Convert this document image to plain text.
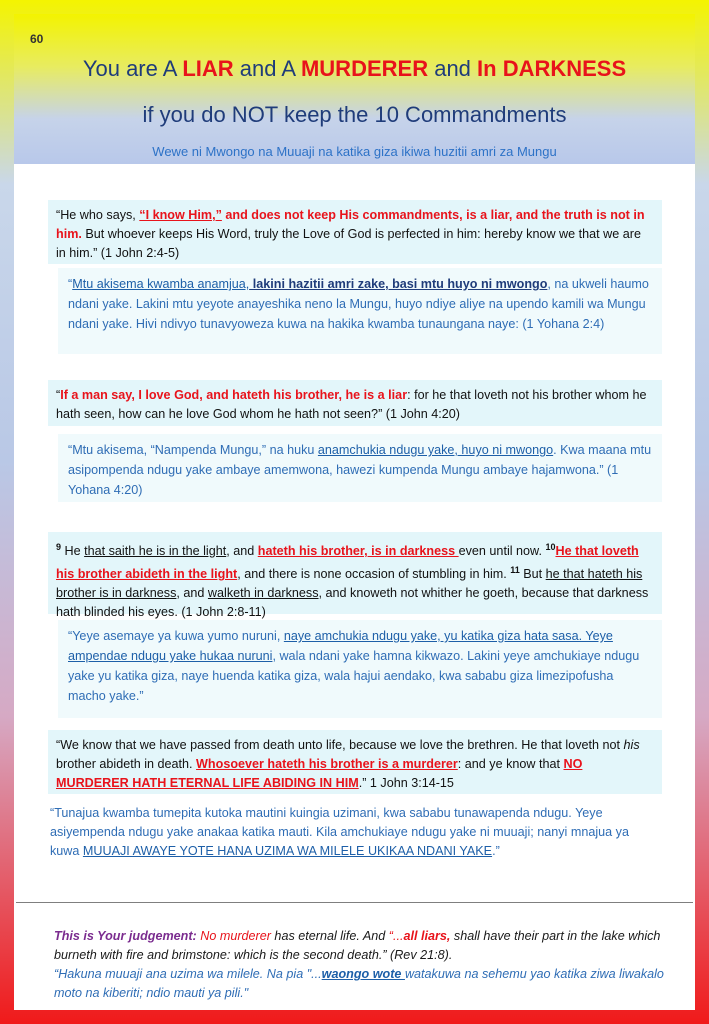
60
You are A LIAR and A MURDERER and In DARKNESS
if you do NOT keep the 10 Commandments
Wewe ni Mwongo na Muuaji na katika giza ikiwa huzitii amri za Mungu
“He who says, “I know Him,” and does not keep His commandments, is a liar, and the truth is not in him. But whoever keeps His Word, truly the Love of God is perfected in him: hereby know we that we are in him.” (1 John 2:4-5)
“Mtu akisema kwamba anamjua, lakini hazitii amri zake, basi mtu huyo ni mwongo, na ukweli haumo ndani yake. Lakini mtu yeyote anayeshika neno la Mungu, huyo ndiye aliye na upendo kamili wa Mungu ndani yake. Hivi ndivyo tunavyoweza kuwa na hakika kwamba tunaungana naye: (1 Yohana 2:4)
“If a man say, I love God, and hateth his brother, he is a liar: for he that loveth not his brother whom he hath seen, how can he love God whom he hath not seen?” (1 John 4:20)
“Mtu akisema, “Nampenda Mungu,” na huku anamchukia ndugu yake, huyo ni mwongo. Kwa maana mtu asipompenda ndugu yake ambaye amemwona, hawezi kumpenda Mungu ambaye hajamwona.” (1 Yohana 4:20)
$^9$ He that saith he is in the light, and hateth his brother, is in darkness even until now. $^{10}$He that loveth his brother abideth in the light, and there is none occasion of stumbling in him. $^{11}$ But he that hateth his brother is in darkness, and walketh in darkness, and knoweth not whither he goeth, because that darkness hath blinded his eyes. (1 John 2:8-11)
“Yeye asemaye ya kuwa yumo nuruni, naye amchukia ndugu yake, yu katika giza hata sasa. Yeye ampendae ndugu yake hukaa nuruni, wala ndani yake hamna kikwazo. Lakini yeye amchukiaye ndugu yake yu katika giza, naye huenda katika giza, wala hajui aendako, kwa sababu giza limezipofusha macho yake.”
“We know that we have passed from death unto life, because we love the brethren. He that loveth not his brother abideth in death. Whosoever hateth his brother is a murderer: and ye know that NO MURDERER HATH ETERNAL LIFE ABIDING IN HIM.” 1 John 3:14-15
“Tunajua kwamba tumepita kutoka mautini kuingia uzimani, kwa sababu tunawapenda ndugu. Yeye asiyempenda ndugu yake anakaa katika mauti. Kila amchukiaye ndugu yake ni muuaji; nanyi mnajua ya kuwa MUUAJI AWAYE YOTE HANA UZIMA WA MILELE UKIKAA NDANI YAKE.”
This is Your judgement: No murderer has eternal life. And “...all liars, shall have their part in the lake which burneth with fire and brimstone: which is the second death.” (Rev 21:8).
“Hakuna muuaji ana uzima wa milele. Na pia "...waongo wote watakuwa na sehemu yao katika ziwa liwakalo moto na kiberiti; ndio mauti ya pili."
